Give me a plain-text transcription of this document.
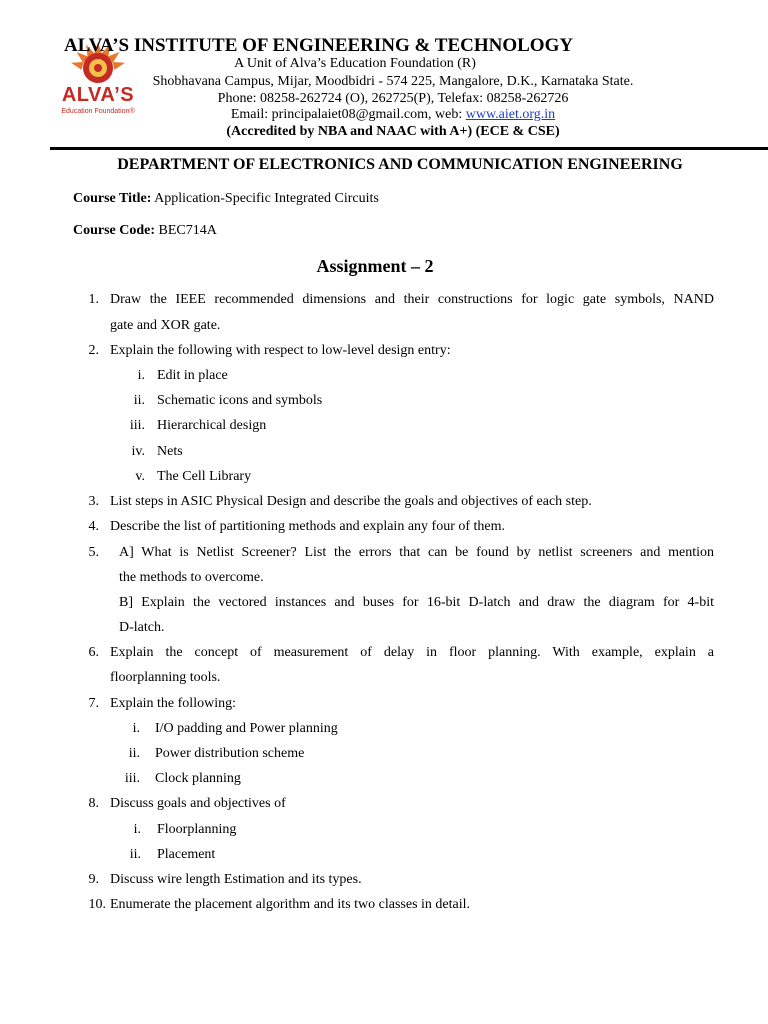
ALVA’S
Education Foundation®
ALVA’S INSTITUTE OF ENGINEERING & TECHNOLOGY
A Unit of Alva’s Education Foundation (R)
Shobhavana Campus, Mijar, Moodbidri - 574 225, Mangalore, D.K., Karnataka State.
Phone: 08258-262724 (O), 262725(P), Telefax: 08258-262726
Email: principalaiet08@gmail.com, web: www.aiet.org.in
(Accredited by NBA and NAAC with A+) (ECE & CSE)
DEPARTMENT OF ELECTRONICS AND COMMUNICATION ENGINEERING
Course Title: Application-Specific Integrated Circuits
Course Code: BEC714A
Assignment – 2
1. Draw the IEEE recommended dimensions and their constructions for logic gate symbols, NAND
gate and XOR gate.
2. Explain the following with respect to low-level design entry:
i. Edit in place
ii. Schematic icons and symbols
iii. Hierarchical design
iv. Nets
v. The Cell Library
3. List steps in ASIC Physical Design and describe the goals and objectives of each step.
4. Describe the list of partitioning methods and explain any four of them.
5. A] What is Netlist Screener? List the errors that can be found by netlist screeners and mention
the methods to overcome.
B] Explain the vectored instances and buses for 16-bit D-latch and draw the diagram for 4-bit
D-latch.
6. Explain the concept of measurement of delay in floor planning. With example, explain a
floorplanning tools.
7. Explain the following:
i. I/O padding and Power planning
ii. Power distribution scheme
iii. Clock planning
8. Discuss goals and objectives of
i. Floorplanning
ii. Placement
9. Discuss wire length Estimation and its types.
10. Enumerate the placement algorithm and its two classes in detail.
